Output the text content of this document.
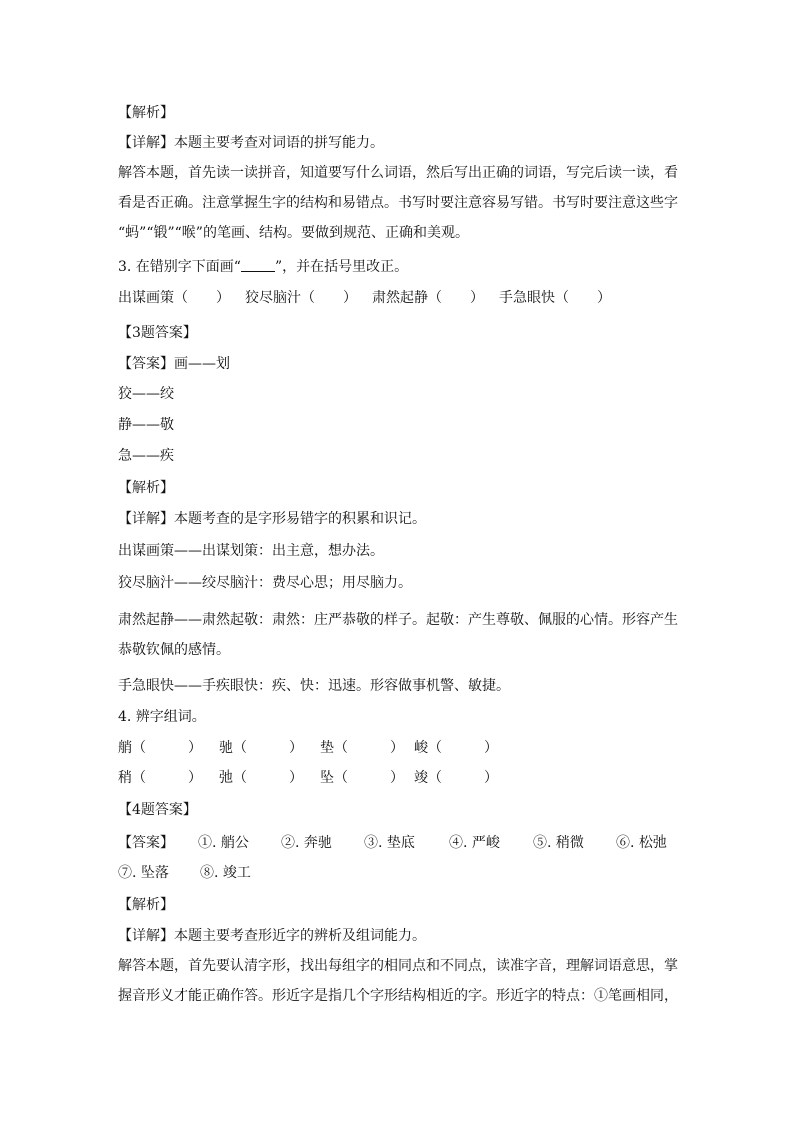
【解析】
【详解】本题主要考查对词语的拼写能力。
解答本题，首先读一读拼音，知道要写什么词语，然后写出正确的词语，写完后读一读，看
看是否正确。注意掌握生字的结构和易错点。书写时要注意容易写错。书写时要注意这些字
“蚂”“锻”“喉”的笔画、结构。要做到规范、正确和美观。
3. 在错别字下面画“ ”，并在括号里改正。
出谋画策（　　） 狡尽脑汁（　　） 肃然起静（　　） 手急眼快（　　）
【3题答案】
【答案】画——划
狡——绞
静——敬
急——疾
【解析】
【详解】本题考查的是字形易错字的积累和识记。
出谋画策——出谋划策：出主意，想办法。
狡尽脑汁——绞尽脑汁：费尽心思；用尽脑力。
肃然起静——肃然起敬：肃然：庄严恭敬的样子。起敬：产生尊敬、佩服的心情。形容产生
恭敬钦佩的感情。
手急眼快——手疾眼快：疾、快：迅速。形容做事机警、敏捷。
4. 辨字组词。
艄（　　　） 驰（　　　） 垫（　　　） 峻（　　　）
稍（　　　） 弛（　　　） 坠（　　　） 竣（　　　）
【4题答案】
【答案】 ①. 艄公 ②. 奔驰 ③. 垫底 ④. 严峻 ⑤. 稍微 ⑥. 松弛
⑦. 坠落 ⑧. 竣工
【解析】
【详解】本题主要考查形近字的辨析及组词能力。
解答本题，首先要认清字形，找出每组字的相同点和不同点，读准字音，理解词语意思，掌
握音形义才能正确作答。形近字是指几个字形结构相近的字。形近字的特点：①笔画相同，
